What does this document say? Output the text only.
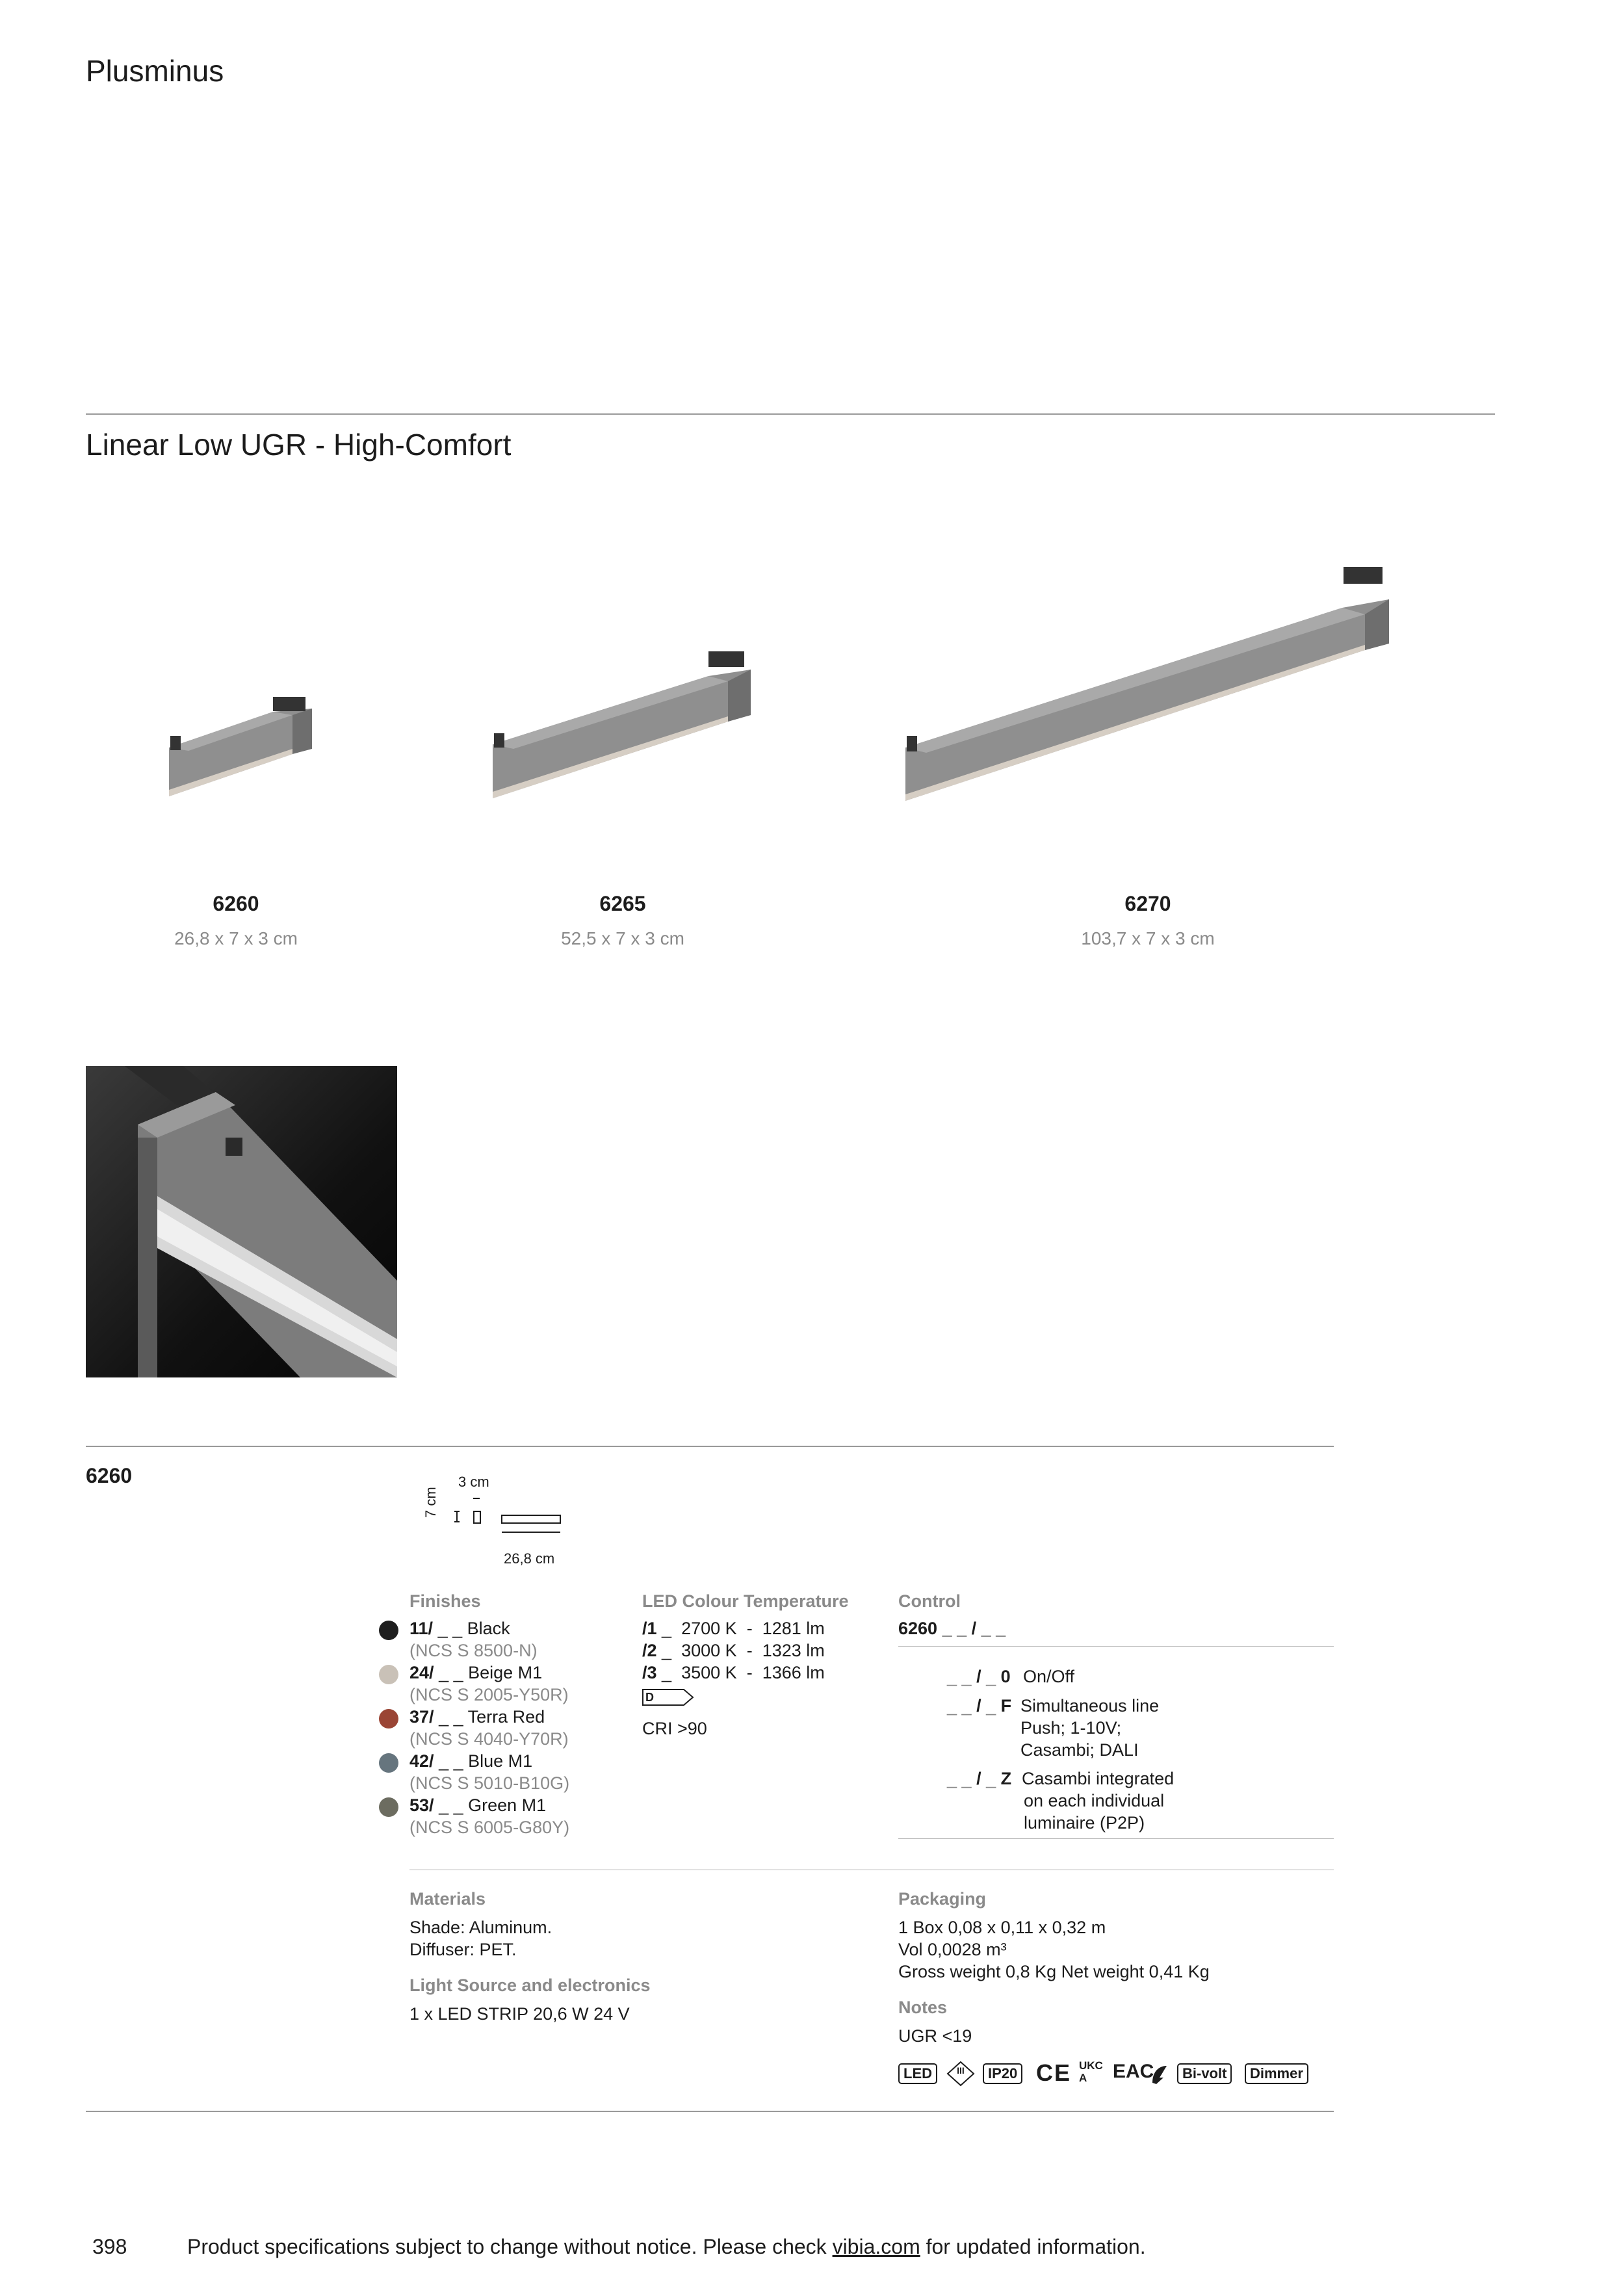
Plusminus
Linear Low UGR - High-Comfort
6260
26,8 x 7 x 3 cm
6265
52,5 x 7 x 3 cm
6270
103,7 x 7 x 3 cm
6260	3 cm
7 cm
26,8 cm
Finishes
11/ _ _ Black
(NCS S 8500-N)
24/ _ _ Beige M1
(NCS S 2005-Y50R)
37/ _ _ Terra Red
(NCS S 4040-Y70R)
42/ _ _ Blue M1
(NCS S 5010-B10G)
53/ _ _ Green M1
(NCS S 6005-G80Y)
LED Colour Temperature
/1 _ 2700 K - 1281 lm
/2 _ 3000 K - 1323 lm
/3 _ 3500 K - 1366 lm
D
CRI >90
Control
6260 _ _ / _ _
_ _ / _ 0 On/Off
_ _ / _ F Simultaneous line
Push; 1-10V;
Casambi; DALI
_ _ / _ Z Casambi integrated
on each individual
luminaire (P2P)
Materials
Shade: Aluminum.
Diffuser: PET.
Light Source and electronics
1 x LED STRIP 20,6 W 24 V
Packaging
1 Box 0,08 x 0,11 x 0,32 m
Vol 0,0028 m³
Gross weight 0,8 Kg Net weight 0,41 Kg
Notes
UGR <19
LED	III	IP20 CE UKCA	EAC	Bi-volt	Dimmer
398	Product specifications subject to change without notice. Please check vibia.com for updated information.
